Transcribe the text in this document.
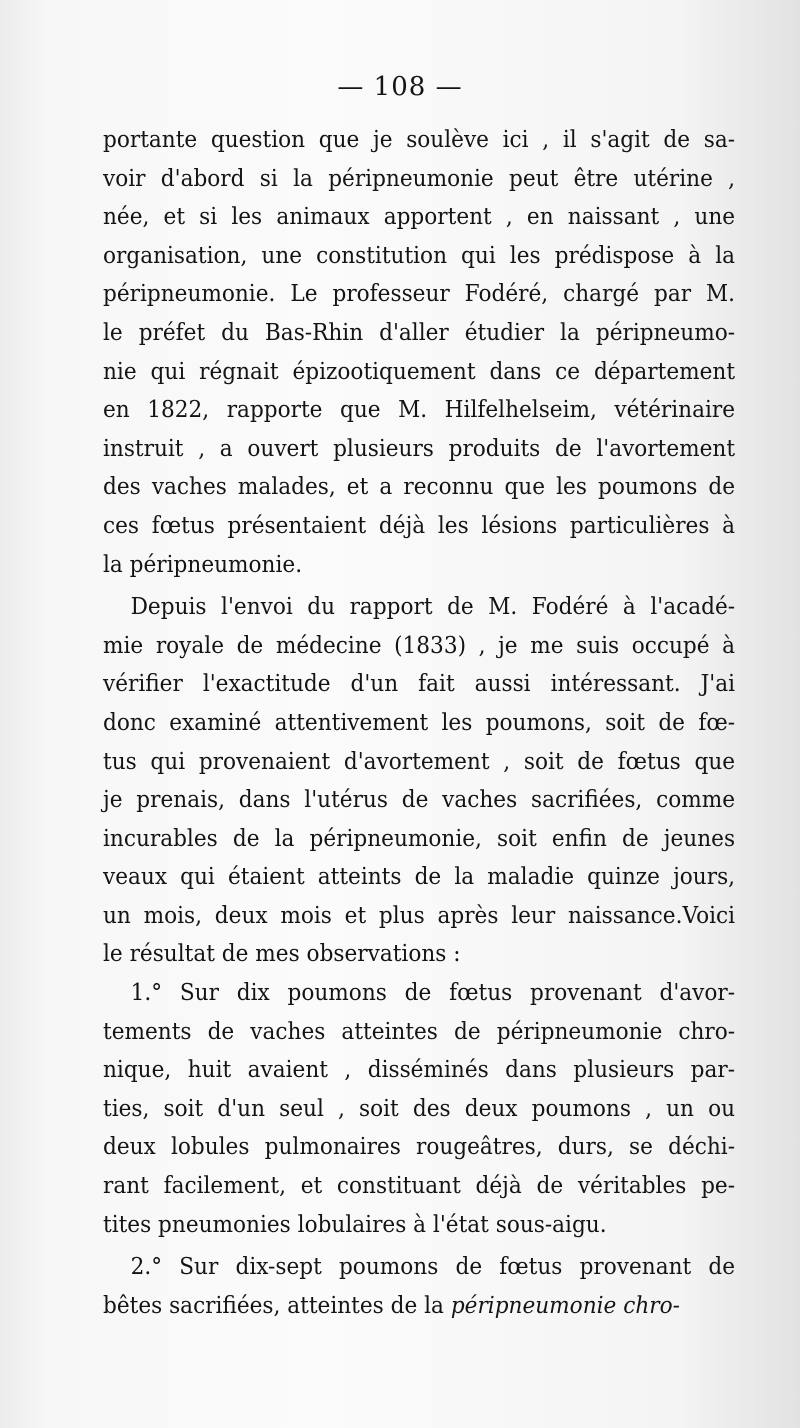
— 108 —
portante question que je soulève ici , il s'agit de sa-
voir d'abord si la péripneumonie peut être utérine ,
née, et si les animaux apportent , en naissant , une
organisation, une constitution qui les prédispose à la
péripneumonie. Le professeur Fodéré, chargé par M.
le préfet du Bas-Rhin d'aller étudier la péripneumo-
nie qui régnait épizootiquement dans ce département
en 1822, rapporte que M. Hilfelhelseim, vétérinaire
instruit , a ouvert plusieurs produits de l'avortement
des vaches malades, et a reconnu que les poumons de
ces fœtus présentaient déjà les lésions particulières à
la péripneumonie.
Depuis l'envoi du rapport de M. Fodéré à l'acadé-
mie royale de médecine (1833) , je me suis occupé à
vérifier l'exactitude d'un fait aussi intéressant. J'ai
donc examiné attentivement les poumons, soit de fœ-
tus qui provenaient d'avortement , soit de fœtus que
je prenais, dans l'utérus de vaches sacrifiées, comme
incurables de la péripneumonie, soit enfin de jeunes
veaux qui étaient atteints de la maladie quinze jours,
un mois, deux mois et plus après leur naissance.Voici
le résultat de mes observations :
1.° Sur dix poumons de fœtus provenant d'avor-
tements de vaches atteintes de péripneumonie chro-
nique, huit avaient , disséminés dans plusieurs par-
ties, soit d'un seul , soit des deux poumons , un ou
deux lobules pulmonaires rougeâtres, durs, se déchi-
rant facilement, et constituant déjà de véritables pe-
tites pneumonies lobulaires à l'état sous-aigu.
2.° Sur dix-sept poumons de fœtus provenant de
bêtes sacrifiées, atteintes de la péripneumonie chro-
